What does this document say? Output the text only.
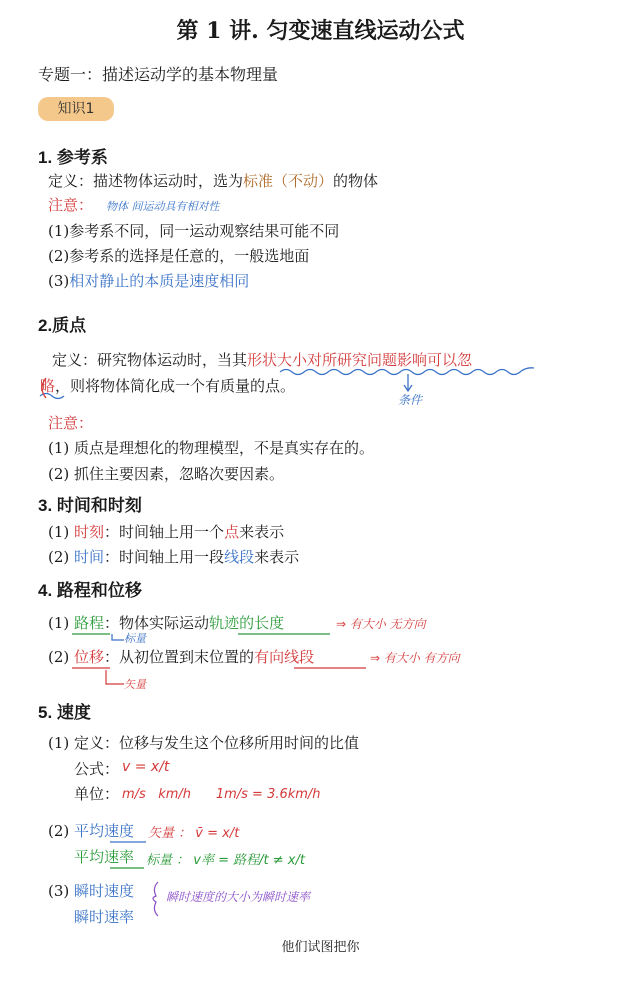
第 1 讲. 匀变速直线运动公式
专题一：描述运动学的基本物理量
知识1
1. 参考系
定义：描述物体运动时，选为标准（不动）的物体
注意： 物体 间运动具有相对性
(1)参考系不同，同一运动观察结果可能不同
(2)参考系的选择是任意的，一般选地面
(3)相对静止的本质是速度相同
2.质点
定义：研究物体运动时，当其形状大小对所研究问题影响可以忽
略，则将物体简化成一个有质量的点。
条件
注意：
(1) 质点是理想化的物理模型，不是真实存在的。
(2) 抓住主要因素，忽略次要因素。
3. 时间和时刻
(1) 时刻：时间轴上用一个点来表示
(2) 时间：时间轴上用一段线段来表示
4. 路程和位移
(1) 路程：物体实际运动轨迹的长度	⇒ 有大小 无方向
标量
(2) 位移：从初位置到末位置的有向线段	⇒ 有大小 有方向
矢量
5. 速度
(1) 定义：位移与发生这个位移所用时间的比值
公式： v = x/t
单位： m/s   km/h      1m/s = 3.6km/h
(2) 平均速度 矢量 ： v̄ = x/t
平均速率 标量 ： v率 = 路程/t ≠ x/t
(3) 瞬时速度
瞬时速率
瞬时速度的大小为瞬时速率
他们试图把你
